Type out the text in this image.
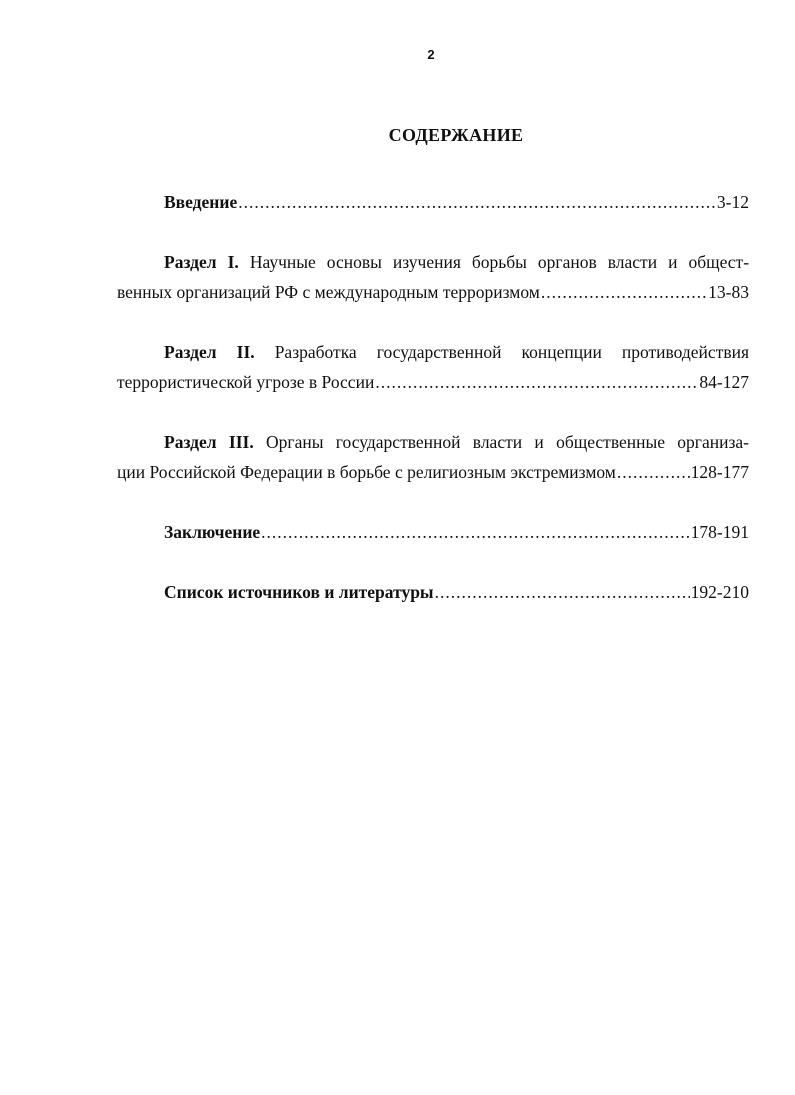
2
СОДЕРЖАНИЕ
Введение .....	3-12
Раздел I. Научные основы изучения борьбы органов власти и общест-
венных организаций РФ с международным терроризмом .....	13-83
Раздел II. Разработка государственной концепции противодействия
террористической угрозе в России .....	84-127
Раздел III. Органы государственной власти и общественные организа-
ции Российской Федерации в борьбе с религиозным экстремизмом .....	128-177
Заключение .....	178-191
Список источников и литературы .....	192-210
